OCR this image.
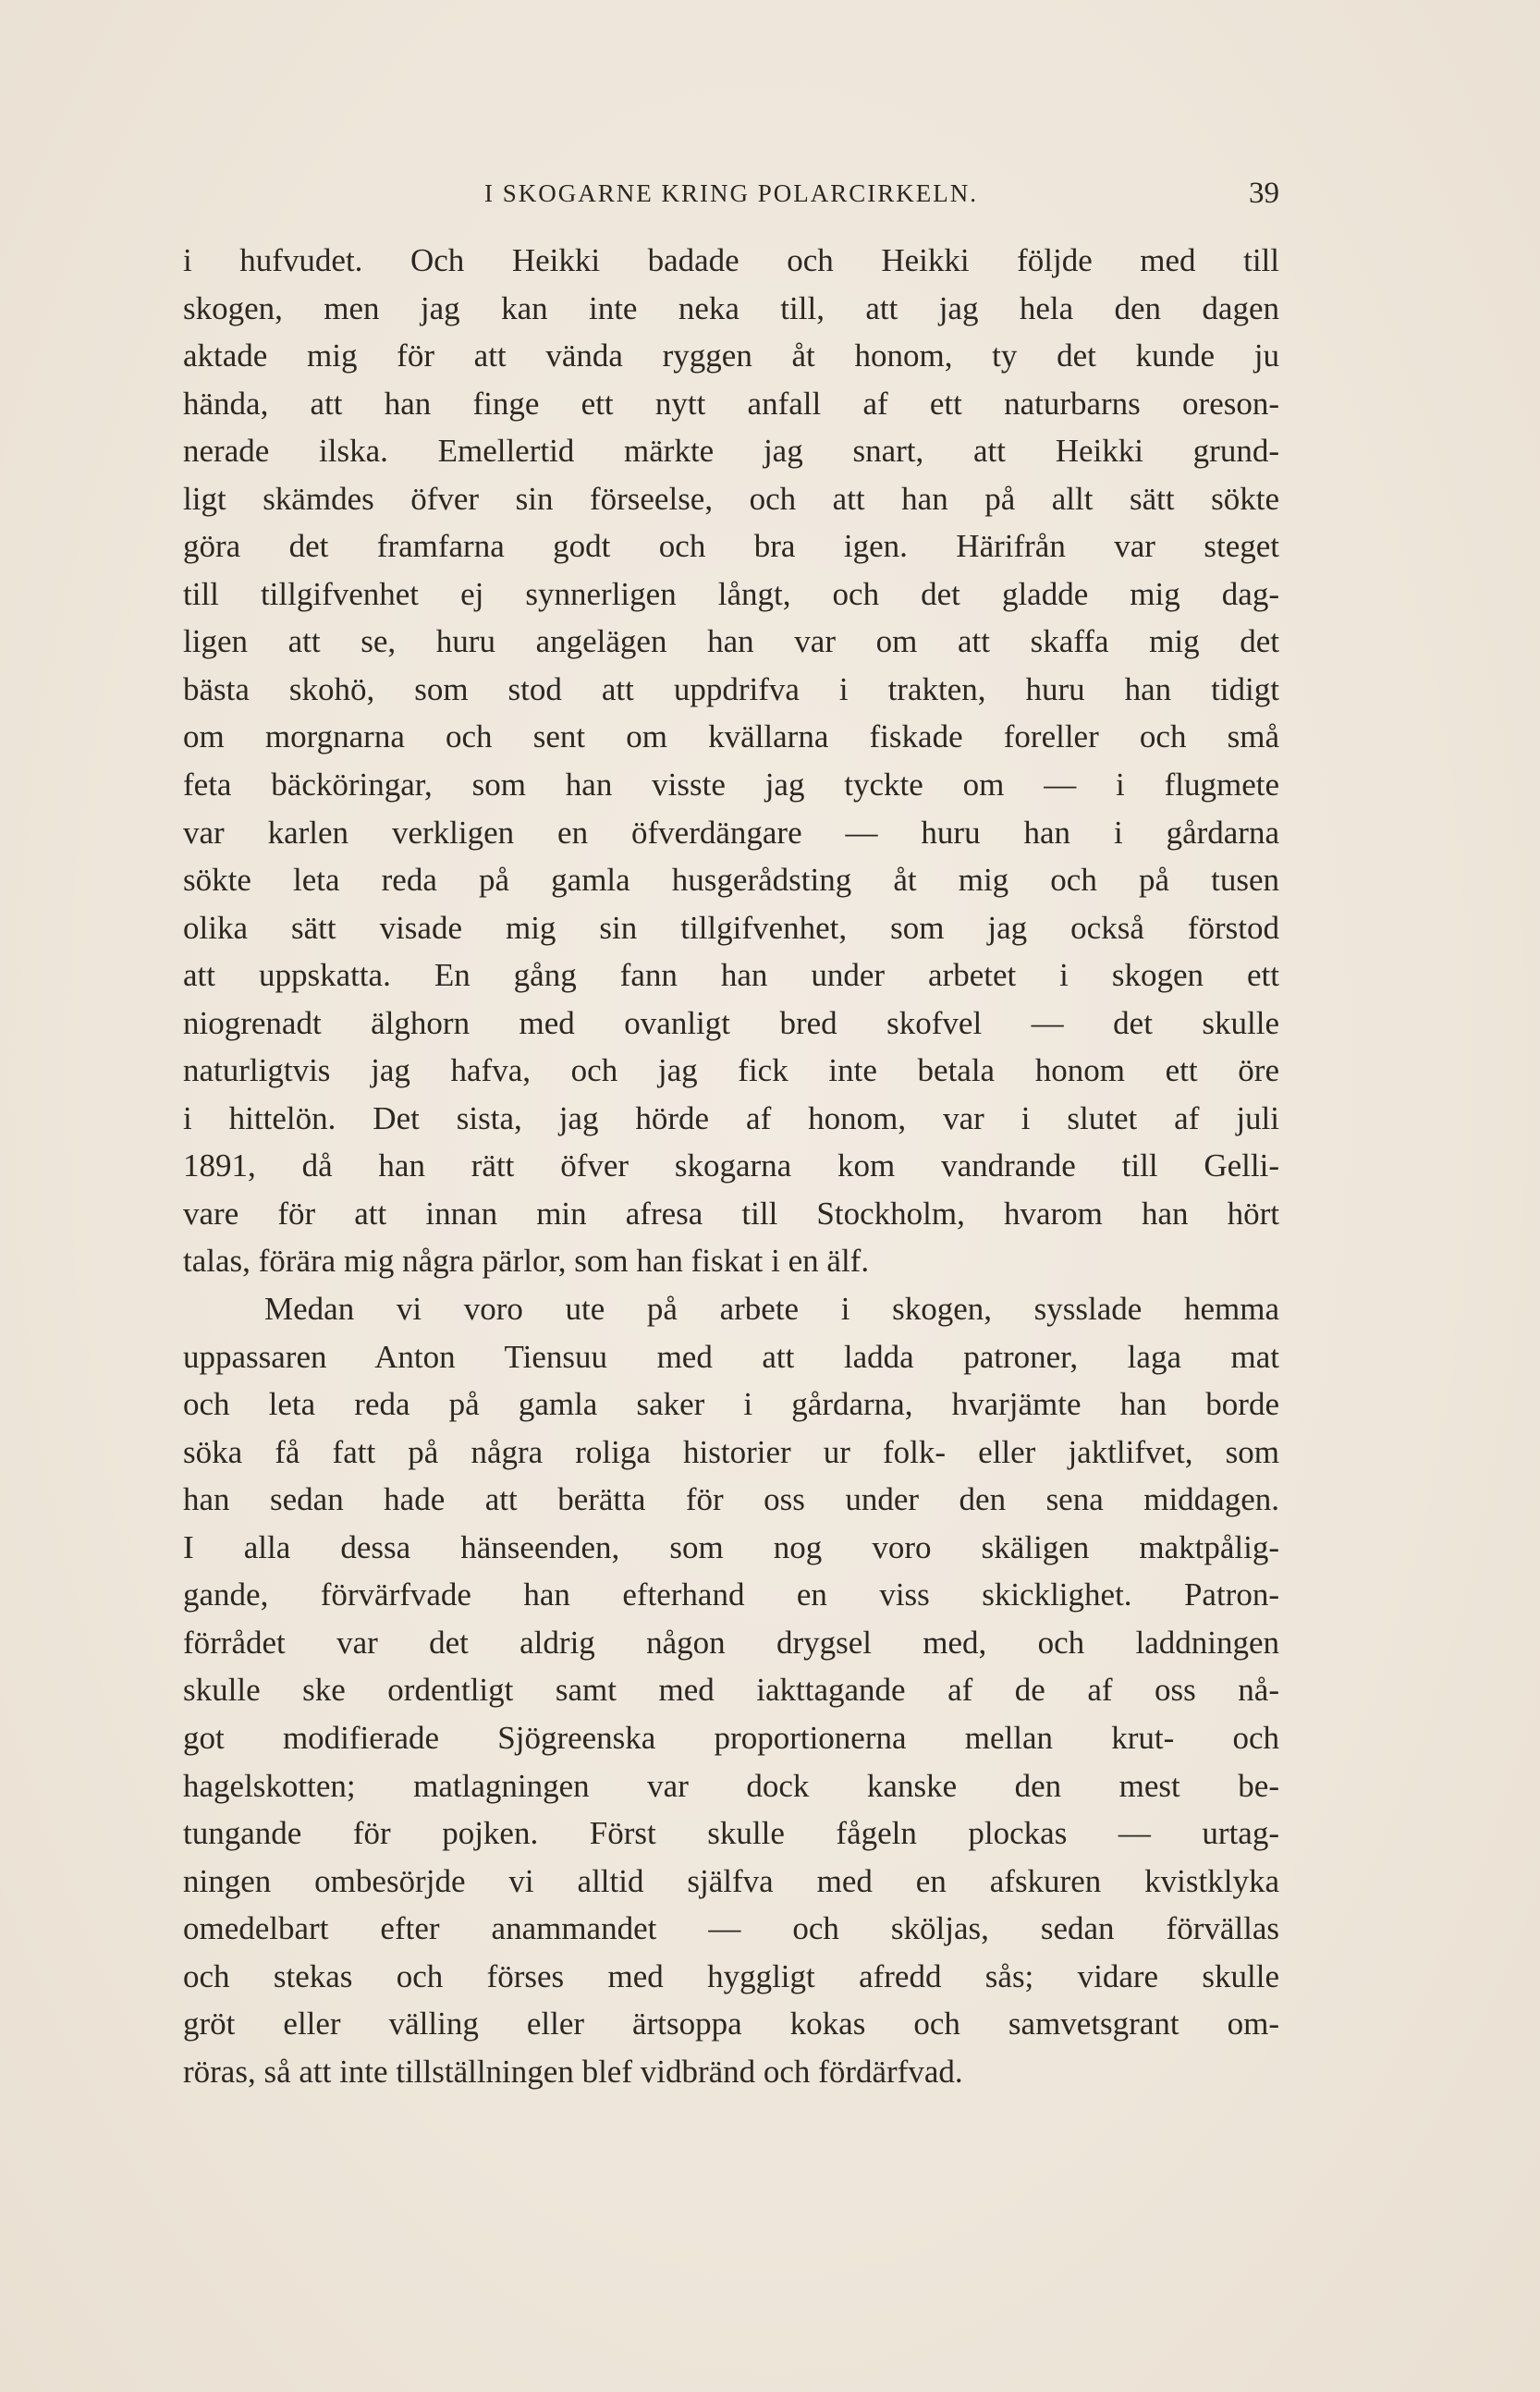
I SKOGARNE KRING POLARCIRKELN.	39
i hufvudet. Och Heikki badade och Heikki följde med till
skogen, men jag kan inte neka till, att jag hela den dagen
aktade mig för att vända ryggen åt honom, ty det kunde ju
hända, att han finge ett nytt anfall af ett naturbarns oreson-
nerade ilska. Emellertid märkte jag snart, att Heikki grund-
ligt skämdes öfver sin förseelse, och att han på allt sätt sökte
göra det framfarna godt och bra igen. Härifrån var steget
till tillgifvenhet ej synnerligen långt, och det gladde mig dag-
ligen att se, huru angelägen han var om att skaffa mig det
bästa skohö, som stod att uppdrifva i trakten, huru han tidigt
om morgnarna och sent om kvällarna fiskade foreller och små
feta bäcköringar, som han visste jag tyckte om — i flugmete
var karlen verkligen en öfverdängare — huru han i gårdarna
sökte leta reda på gamla husgerådsting åt mig och på tusen
olika sätt visade mig sin tillgifvenhet, som jag också förstod
att uppskatta. En gång fann han under arbetet i skogen ett
niogrenadt älghorn med ovanligt bred skofvel — det skulle
naturligtvis jag hafva, och jag fick inte betala honom ett öre
i hittelön. Det sista, jag hörde af honom, var i slutet af juli
1891, då han rätt öfver skogarna kom vandrande till Gelli-
vare för att innan min afresa till Stockholm, hvarom han hört
talas, förära mig några pärlor, som han fiskat i en älf.
Medan vi voro ute på arbete i skogen, sysslade hemma
uppassaren Anton Tiensuu med att ladda patroner, laga mat
och leta reda på gamla saker i gårdarna, hvarjämte han borde
söka få fatt på några roliga historier ur folk- eller jaktlifvet, som
han sedan hade att berätta för oss under den sena middagen.
I alla dessa hänseenden, som nog voro skäligen maktpålig-
gande, förvärfvade han efterhand en viss skicklighet. Patron-
förrådet var det aldrig någon drygsel med, och laddningen
skulle ske ordentligt samt med iakttagande af de af oss nå-
got modifierade Sjögreenska proportionerna mellan krut- och
hagelskotten; matlagningen var dock kanske den mest be-
tungande för pojken. Först skulle fågeln plockas — urtag-
ningen ombesörjde vi alltid själfva med en afskuren kvistklyka
omedelbart efter anammandet — och sköljas, sedan förvällas
och stekas och förses med hyggligt afredd sås; vidare skulle
gröt eller välling eller ärtsoppa kokas och samvetsgrant om-
röras, så att inte tillställningen blef vidbränd och fördärfvad.
